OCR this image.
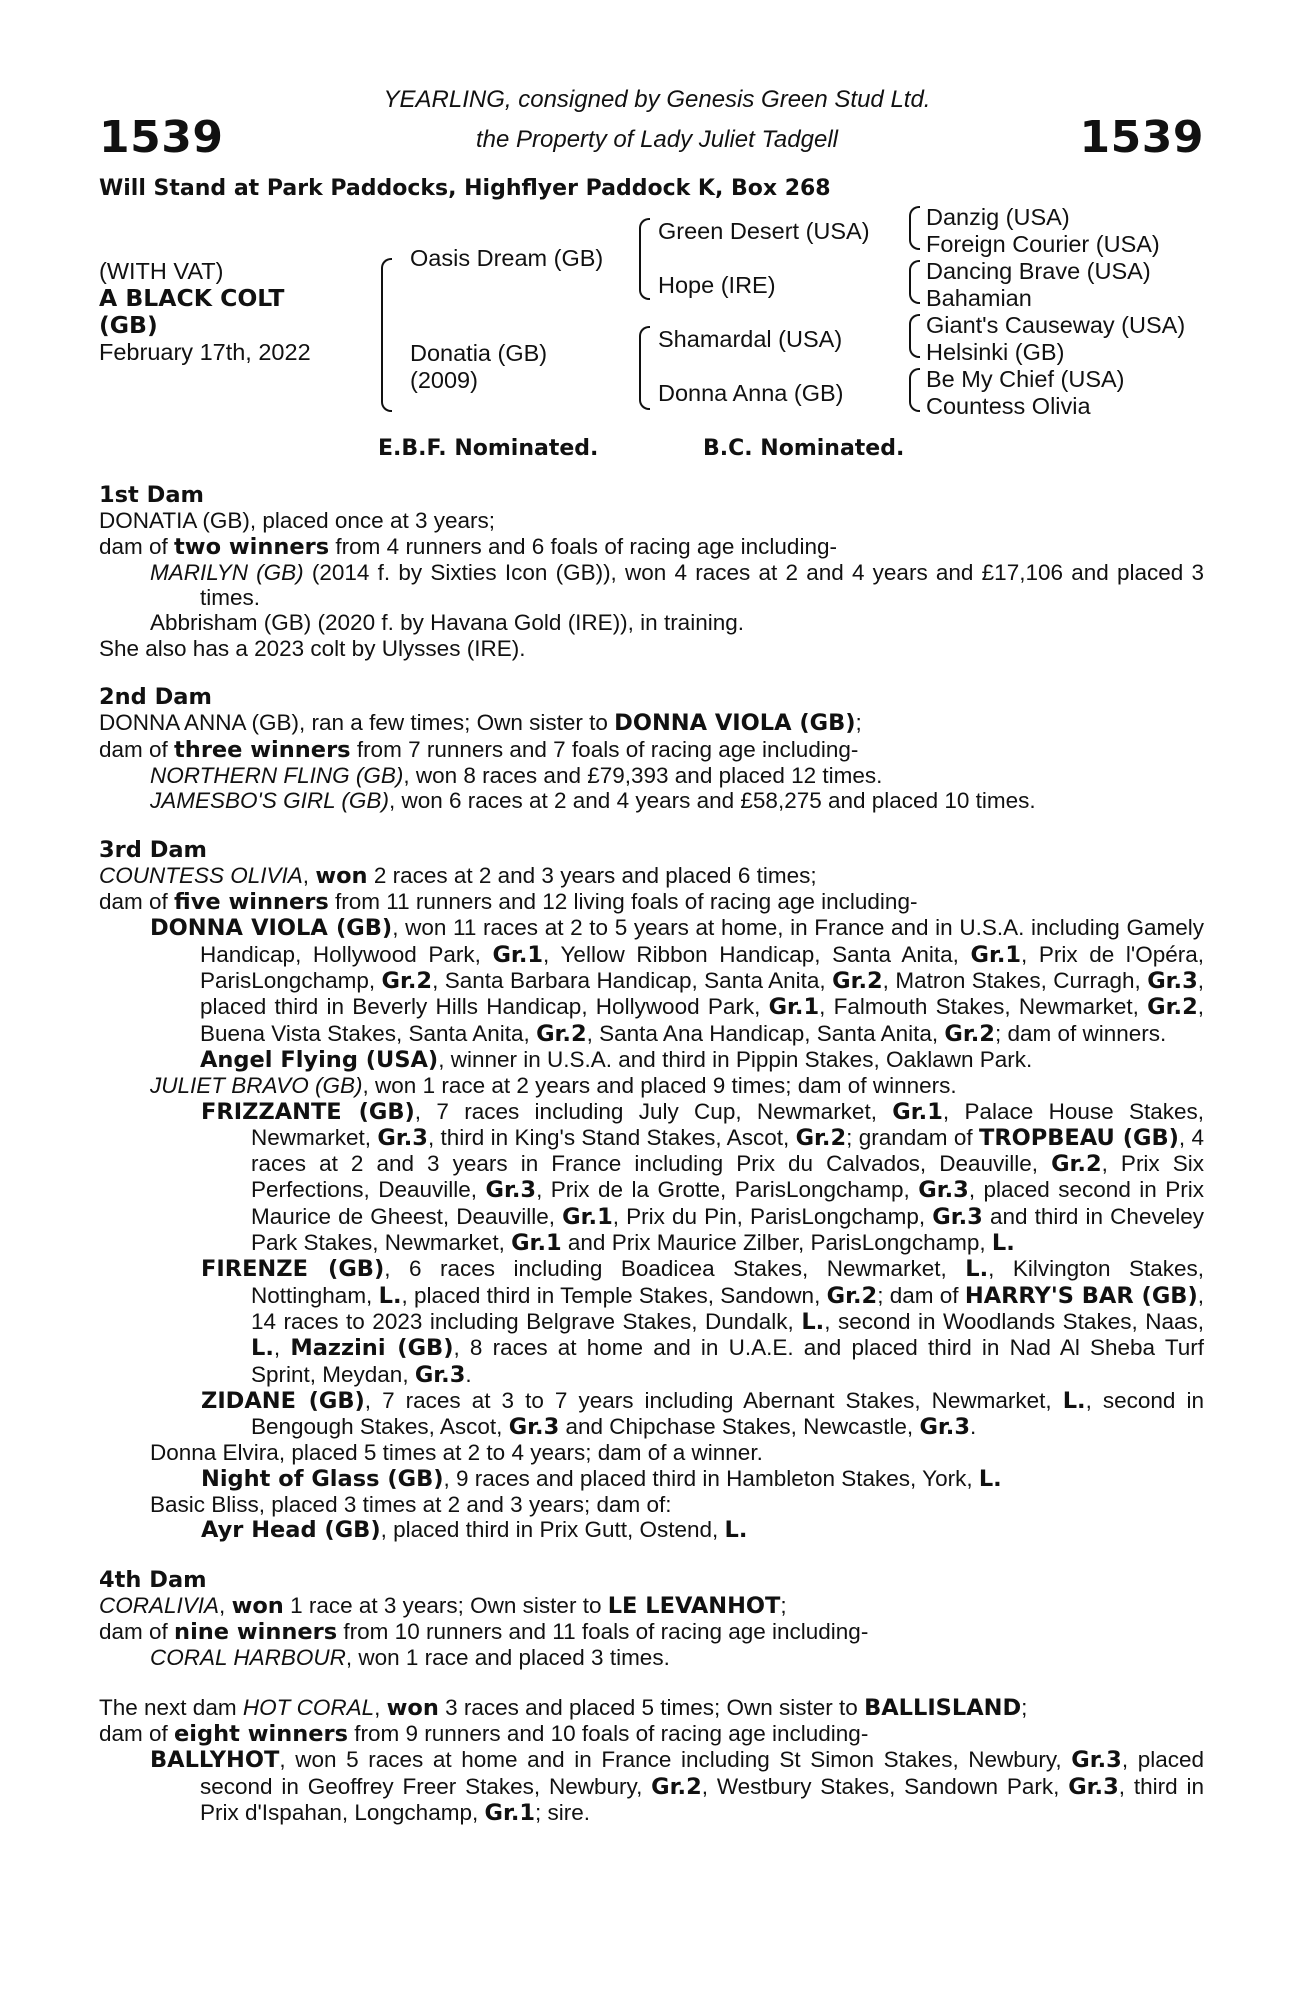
1539	1539
YEARLING, consigned by Genesis Green Stud Ltd.
the Property of Lady Juliet Tadgell
Will Stand at Park Paddocks, Highflyer Paddock K, Box 268
(WITH VAT)
A BLACK COLT
(GB)
February 17th, 2022
Oasis Dream (GB)
Donatia (GB)
(2009)
Green Desert (USA)
Hope (IRE)
Shamardal (USA)
Donna Anna (GB)
Danzig (USA)
Foreign Courier (USA)
Dancing Brave (USA)
Bahamian
Giant's Causeway (USA)
Helsinki (GB)
Be My Chief (USA)
Countess Olivia
E.B.F. Nominated.	B.C. Nominated.
1st Dam
DONATIA (GB), placed once at 3 years;
dam of two winners from 4 runners and 6 foals of racing age including-
MARILYN (GB) (2014 f. by Sixties Icon (GB)), won 4 races at 2 and 4 years and £17,106 and placed 3 times.
Abbrisham (GB) (2020 f. by Havana Gold (IRE)), in training.
She also has a 2023 colt by Ulysses (IRE).
2nd Dam
DONNA ANNA (GB), ran a few times; Own sister to DONNA VIOLA (GB);
dam of three winners from 7 runners and 7 foals of racing age including-
NORTHERN FLING (GB), won 8 races and £79,393 and placed 12 times.
JAMESBO'S GIRL (GB), won 6 races at 2 and 4 years and £58,275 and placed 10 times.
3rd Dam
COUNTESS OLIVIA, won 2 races at 2 and 3 years and placed 6 times;
dam of five winners from 11 runners and 12 living foals of racing age including-
DONNA VIOLA (GB), won 11 races at 2 to 5 years at home, in France and in U.S.A. including Gamely Handicap, Hollywood Park, Gr.1, Yellow Ribbon Handicap, Santa Anita, Gr.1, Prix de l'Opéra, ParisLongchamp, Gr.2, Santa Barbara Handicap, Santa Anita, Gr.2, Matron Stakes, Curragh, Gr.3, placed third in Beverly Hills Handicap, Hollywood Park, Gr.1, Falmouth Stakes, Newmarket, Gr.2, Buena Vista Stakes, Santa Anita, Gr.2, Santa Ana Handicap, Santa Anita, Gr.2; dam of winners.
Angel Flying (USA), winner in U.S.A. and third in Pippin Stakes, Oaklawn Park.
JULIET BRAVO (GB), won 1 race at 2 years and placed 9 times; dam of winners.
FRIZZANTE (GB), 7 races including July Cup, Newmarket, Gr.1, Palace House Stakes, Newmarket, Gr.3, third in King's Stand Stakes, Ascot, Gr.2; grandam of TROPBEAU (GB), 4 races at 2 and 3 years in France including Prix du Calvados, Deauville, Gr.2, Prix Six Perfections, Deauville, Gr.3, Prix de la Grotte, ParisLongchamp, Gr.3, placed second in Prix Maurice de Gheest, Deauville, Gr.1, Prix du Pin, ParisLongchamp, Gr.3 and third in Cheveley Park Stakes, Newmarket, Gr.1 and Prix Maurice Zilber, ParisLongchamp, L.
FIRENZE (GB), 6 races including Boadicea Stakes, Newmarket, L., Kilvington Stakes, Nottingham, L., placed third in Temple Stakes, Sandown, Gr.2; dam of HARRY'S BAR (GB), 14 races to 2023 including Belgrave Stakes, Dundalk, L., second in Woodlands Stakes, Naas, L., Mazzini (GB), 8 races at home and in U.A.E. and placed third in Nad Al Sheba Turf Sprint, Meydan, Gr.3.
ZIDANE (GB), 7 races at 3 to 7 years including Abernant Stakes, Newmarket, L., second in Bengough Stakes, Ascot, Gr.3 and Chipchase Stakes, Newcastle, Gr.3.
Donna Elvira, placed 5 times at 2 to 4 years; dam of a winner.
Night of Glass (GB), 9 races and placed third in Hambleton Stakes, York, L.
Basic Bliss, placed 3 times at 2 and 3 years; dam of:
Ayr Head (GB), placed third in Prix Gutt, Ostend, L.
4th Dam
CORALIVIA, won 1 race at 3 years; Own sister to LE LEVANHOT;
dam of nine winners from 10 runners and 11 foals of racing age including-
CORAL HARBOUR, won 1 race and placed 3 times.
The next dam HOT CORAL, won 3 races and placed 5 times; Own sister to BALLISLAND;
dam of eight winners from 9 runners and 10 foals of racing age including-
BALLYHOT, won 5 races at home and in France including St Simon Stakes, Newbury, Gr.3, placed second in Geoffrey Freer Stakes, Newbury, Gr.2, Westbury Stakes, Sandown Park, Gr.3, third in Prix d'Ispahan, Longchamp, Gr.1; sire.
